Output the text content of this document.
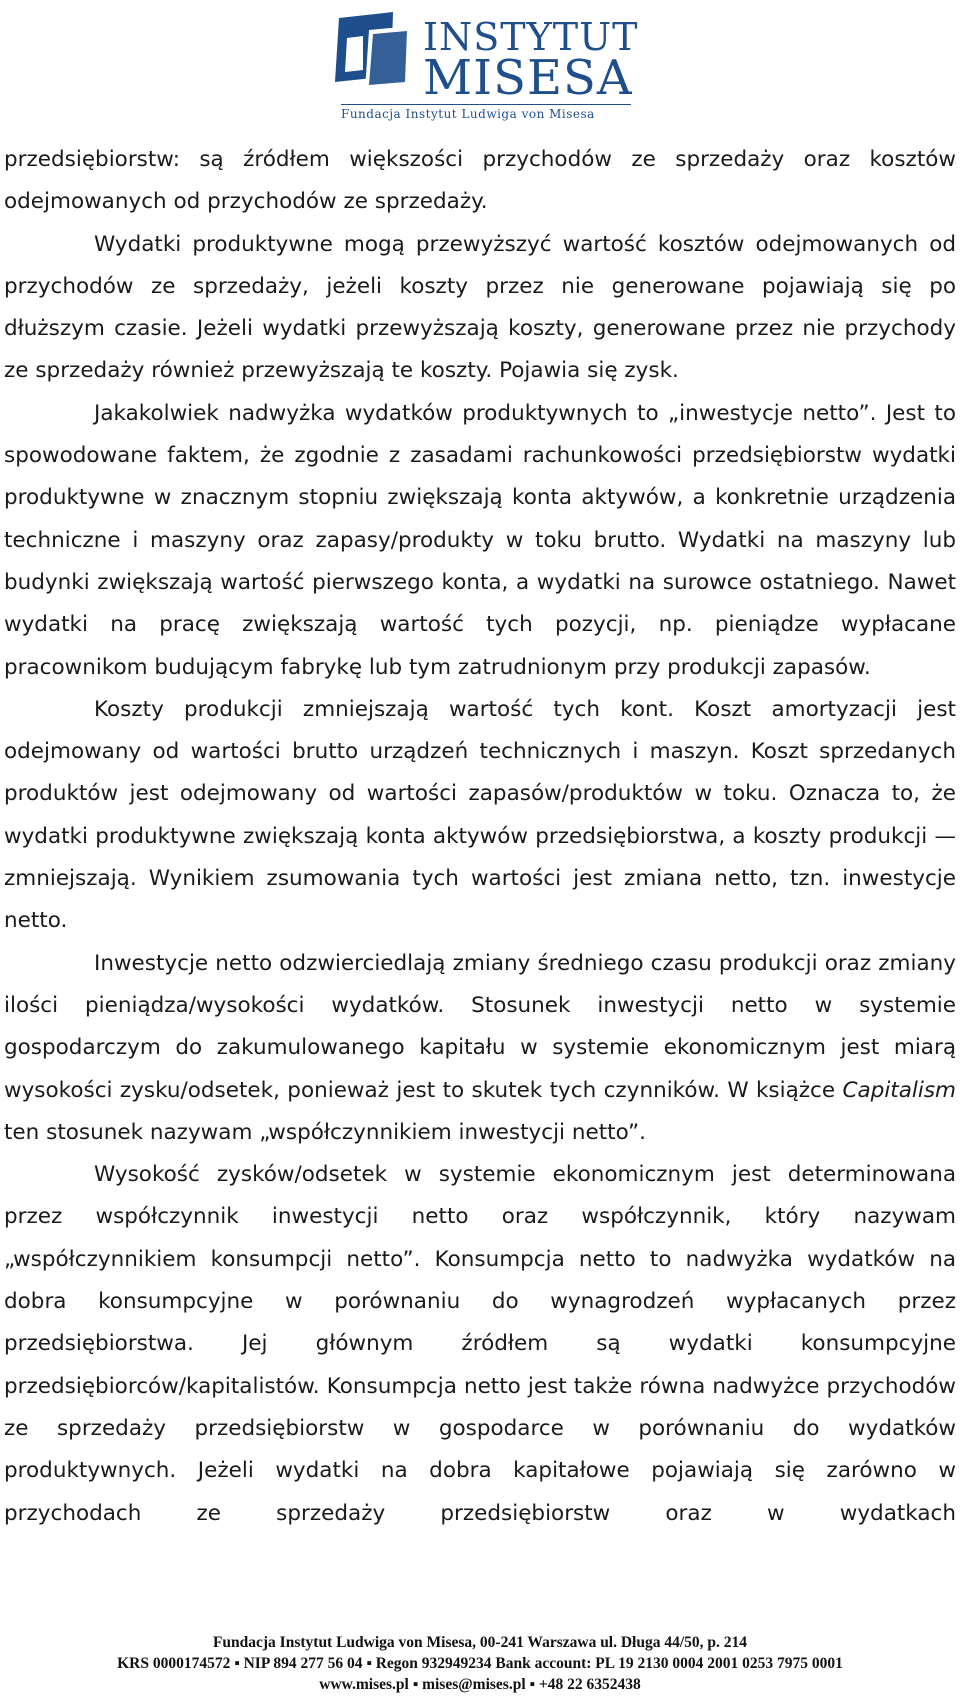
INSTYTUT
MISESA
Fundacja Instytut Ludwiga von Misesa

przedsiębiorstw: są źródłem większości przychodów ze sprzedaży oraz kosztów odejmowanych od przychodów ze sprzedaży.

Wydatki produktywne mogą przewyższyć wartość kosztów odejmowanych od przychodów ze sprzedaży, jeżeli koszty przez nie generowane pojawiają się po dłuższym czasie. Jeżeli wydatki przewyższają koszty, generowane przez nie przychody ze sprzedaży również przewyższają te koszty. Pojawia się zysk.

Jakakolwiek nadwyżka wydatków produktywnych to „inwestycje netto”. Jest to spowodowane faktem, że zgodnie z zasadami rachunkowości przedsiębiorstw wydatki produktywne w znacznym stopniu zwiększają konta aktywów, a konkretnie urządzenia techniczne i maszyny oraz zapasy/produkty w toku brutto. Wydatki na maszyny lub budynki zwiększają wartość pierwszego konta, a wydatki na surowce ostatniego. Nawet wydatki na pracę zwiększają wartość tych pozycji, np. pieniądze wypłacane pracownikom budującym fabrykę lub tym zatrudnionym przy produkcji zapasów.

Koszty produkcji zmniejszają wartość tych kont. Koszt amortyzacji jest odejmowany od wartości brutto urządzeń technicznych i maszyn. Koszt sprzedanych produktów jest odejmowany od wartości zapasów/produktów w toku. Oznacza to, że wydatki produktywne zwiększają konta aktywów przedsiębiorstwa, a koszty produkcji — zmniejszają. Wynikiem zsumowania tych wartości jest zmiana netto, tzn. inwestycje netto.

Inwestycje netto odzwierciedlają zmiany średniego czasu produkcji oraz zmiany ilości pieniądza/wysokości wydatków. Stosunek inwestycji netto w systemie gospodarczym do zakumulowanego kapitału w systemie ekonomicznym jest miarą wysokości zysku/odsetek, ponieważ jest to skutek tych czynników. W książce Capitalism ten stosunek nazywam „współczynnikiem inwestycji netto”.

Wysokość zysków/odsetek w systemie ekonomicznym jest determinowana przez współczynnik inwestycji netto oraz współczynnik, który nazywam „współczynnikiem konsumpcji netto”. Konsumpcja netto to nadwyżka wydatków na dobra konsumpcyjne w porównaniu do wynagrodzeń wypłacanych przez przedsiębiorstwa. Jej głównym źródłem są wydatki konsumpcyjne przedsiębiorców/kapitalistów. Konsumpcja netto jest także równa nadwyżce przychodów ze sprzedaży przedsiębiorstw w gospodarce w porównaniu do wydatków produktywnych. Jeżeli wydatki na dobra kapitałowe pojawiają się zarówno w przychodach ze sprzedaży przedsiębiorstw oraz w wydatkach

Fundacja Instytut Ludwiga von Misesa, 00-241 Warszawa ul. Długa 44/50, p. 214
KRS 0000174572 ▪ NIP 894 277 56 04 ▪ Regon 932949234 Bank account: PL 19 2130 0004 2001 0253 7975 0001
www.mises.pl ▪ mises@mises.pl ▪ +48 22 6352438
